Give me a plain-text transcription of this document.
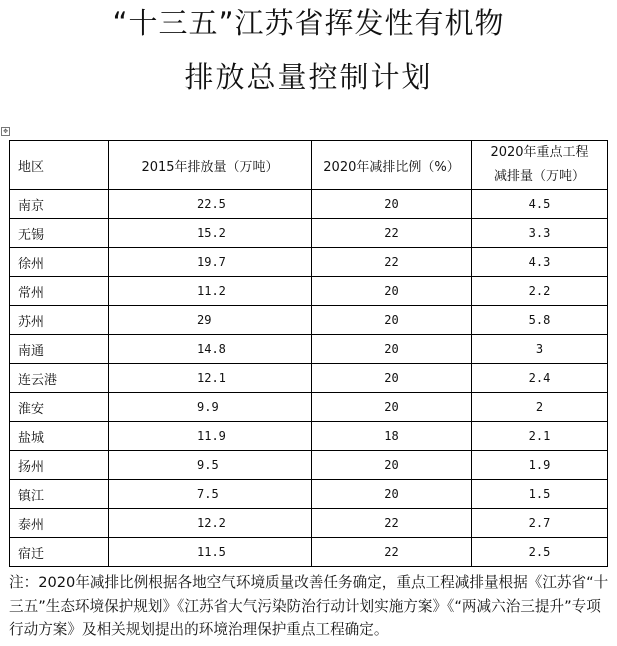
“十三五”江苏省挥发性有机物
排放总量控制计划
✥
地区	2015年排放量（万吨）	2020年减排比例（%）	2020年重点工程
减排量（万吨）

南京	22.5	20	4.5
无锡	15.2	22	3.3
徐州	19.7	22	4.3
常州	11.2	20	2.2
苏州	29	20	5.8
南通	14.8	20	3
连云港	12.1	20	2.4
淮安	9.9	20	2
盐城	11.9	18	2.1
扬州	9.5	20	1.9
镇江	7.5	20	1.5
泰州	12.2	22	2.7
宿迁	11.5	22	2.5
注：2020年减排比例根据各地空气环境质量改善任务确定，重点工程减排量根据《江苏省“十三五”生态环境保护规划》《江苏省大气污染防治行动计划实施方案》《“两减六治三提升”专项行动方案》及相关规划提出的环境治理保护重点工程确定。
